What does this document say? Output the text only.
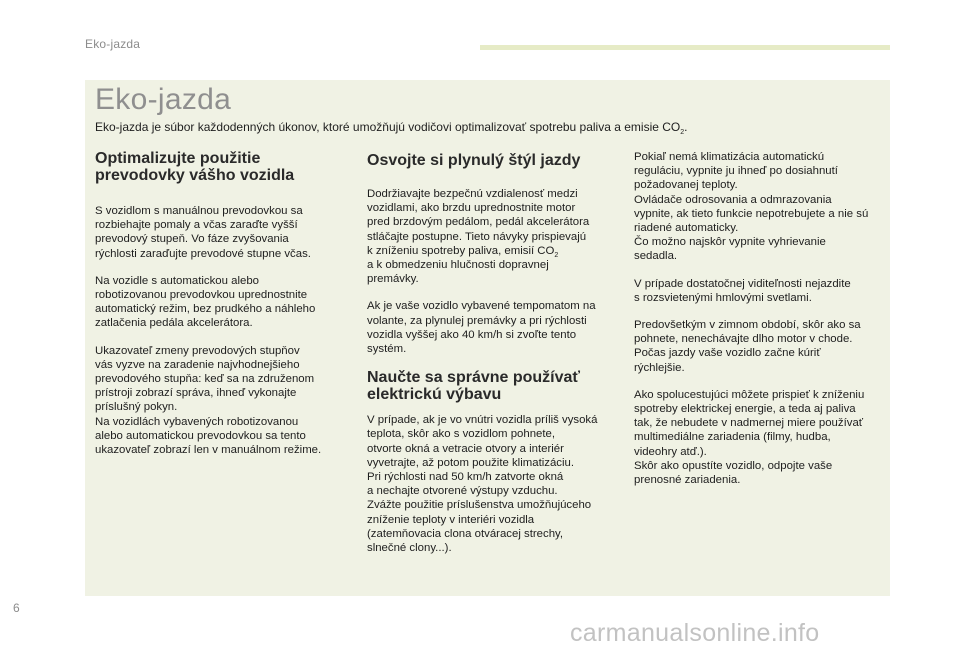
Eko-jazda
Eko-jazda

Eko-jazda je súbor každodenných úkonov, ktoré umožňujú vodičovi optimalizovať spotrebu paliva a emisie $CO_2$.

Optimalizujte použitie
prevodovky vášho vozidla

S vozidlom s manuálnou prevodovkou sa
rozbiehajte pomaly a včas zaraďte vyšší
prevodový stupeň. Vo fáze zvyšovania
rýchlosti zaraďujte prevodové stupne včas.

Na vozidle s automatickou alebo
robotizovanou prevodovkou uprednostnite
automatický režim, bez prudkého a náhleho
zatlačenia pedála akcelerátora.

Ukazovateľ zmeny prevodových stupňov
vás vyzve na zaradenie najvhodnejšieho
prevodového stupňa: keď sa na združenom
prístroji zobrazí správa, ihneď vykonajte
príslušný pokyn.
Na vozidlách vybavených robotizovanou
alebo automatickou prevodovkou sa tento
ukazovateľ zobrazí len v manuálnom režime.

Osvojte si plynulý štýl jazdy

Dodržiavajte bezpečnú vzdialenosť medzi
vozidlami, ako brzdu uprednostnite motor
pred brzdovým pedálom, pedál akcelerátora
stláčajte postupne. Tieto návyky prispievajú
k zníženiu spotreby paliva, emisií $CO_2$
a k obmedzeniu hlučnosti dopravnej
premávky.

Ak je vaše vozidlo vybavené tempomatom na
volante, za plynulej premávky a pri rýchlosti
vozidla vyššej ako 40 km/h si zvoľte tento
systém.

Naučte sa správne používať
elektrickú výbavu

V prípade, ak je vo vnútri vozidla príliš vysoká
teplota, skôr ako s vozidlom pohnete,
otvorte okná a vetracie otvory a interiér
vyvetrajte, až potom použite klimatizáciu.
Pri rýchlosti nad 50 km/h zatvorte okná
a nechajte otvorené výstupy vzduchu.
Zvážte použitie príslušenstva umožňujúceho
zníženie teploty v interiéri vozidla
(zatemňovacia clona otváracej strechy,
slnečné clony...).

Pokiaľ nemá klimatizácia automatickú
reguláciu, vypnite ju ihneď po dosiahnutí
požadovanej teploty.
Ovládače odrosovania a odmrazovania
vypnite, ak tieto funkcie nepotrebujete a nie sú
riadené automaticky.
Čo možno najskôr vypnite vyhrievanie
sedadla.

V prípade dostatočnej viditeľnosti nejazdite
s rozsvietenými hmlovými svetlami.

Predovšetkým v zimnom období, skôr ako sa
pohnete, nenechávajte dlho motor v chode.
Počas jazdy vaše vozidlo začne kúriť
rýchlejšie.

Ako spolucestujúci môžete prispieť k zníženiu
spotreby elektrickej energie, a teda aj paliva
tak, že nebudete v nadmernej miere používať
multimediálne zariadenia (filmy, hudba,
videohry atď.).
Skôr ako opustíte vozidlo, odpojte vaše
prenosné zariadenia.

6
carmanualsonline.info
